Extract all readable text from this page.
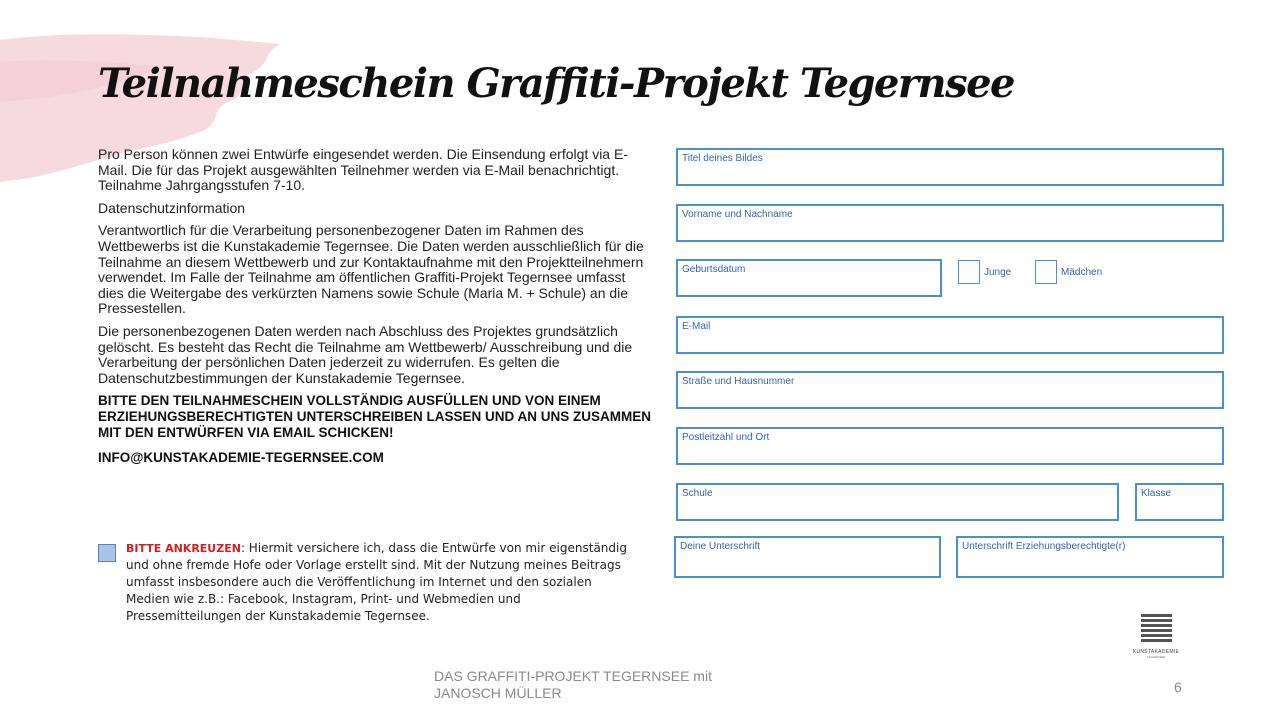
Teilnahmeschein Graffiti-Projekt Tegernsee

Pro Person können zwei Entwürfe eingesendet werden. Die Einsendung erfolgt via E-Mail. Die für das Projekt ausgewählten Teilnehmer werden via E-Mail benachrichtigt. Teilnahme Jahrgangsstufen 7-10.

Datenschutzinformation

Verantwortlich für die Verarbeitung personenbezogener Daten im Rahmen des Wettbewerbs ist die Kunstakademie Tegernsee. Die Daten werden ausschließlich für die Teilnahme an diesem Wettbewerb und zur Kontaktaufnahme mit den Projektteilnehmern verwendet. Im Falle der Teilnahme am öffentlichen Graffiti-Projekt Tegernsee umfasst dies die Weitergabe des verkürzten Namens sowie Schule (Maria M. + Schule) an die Pressestellen.

Die personenbezogenen Daten werden nach Abschluss des Projektes grundsätzlich gelöscht. Es besteht das Recht die Teilnahme am Wettbewerb/ Ausschreibung und die Verarbeitung der persönlichen Daten jederzeit zu widerrufen. Es gelten die Datenschutzbestimmungen der Kunstakademie Tegernsee.

BITTE DEN TEILNAHMESCHEIN VOLLSTÄNDIG AUSFÜLLEN UND VON EINEM ERZIEHUNGSBERECHTIGTEN UNTERSCHREIBEN LASSEN UND AN UNS ZUSAMMEN MIT DEN ENTWÜRFEN VIA EMAIL SCHICKEN!

INFO@KUNSTAKADEMIE-TEGERNSEE.COM

BITTE ANKREUZEN: Hiermit versichere ich, dass die Entwürfe von mir eigenständig und ohne fremde Hofe oder Vorlage erstellt sind. Mit der Nutzung meines Beitrags umfasst insbesondere auch die Veröffentlichung im Internet und den sozialen Medien wie z.B.: Facebook, Instagram, Print- und Webmedien und Pressemitteilungen der Kunstakademie Tegernsee.
Titel deines Bildes
Vorname und Nachname
Geburtsdatum	Junge	Mädchen
E-Mail
Straße und Hausnummer
Postleitzahl und Ort
Schule	Klasse
Deine Unterschrift	Unterschrift Erziehungsberechtigte(r)
KUNSTAKADEMIE
TEGERNSEE
DAS GRAFFITI-PROJEKT TEGERNSEE mit
JANOSCH MÜLLER	6
